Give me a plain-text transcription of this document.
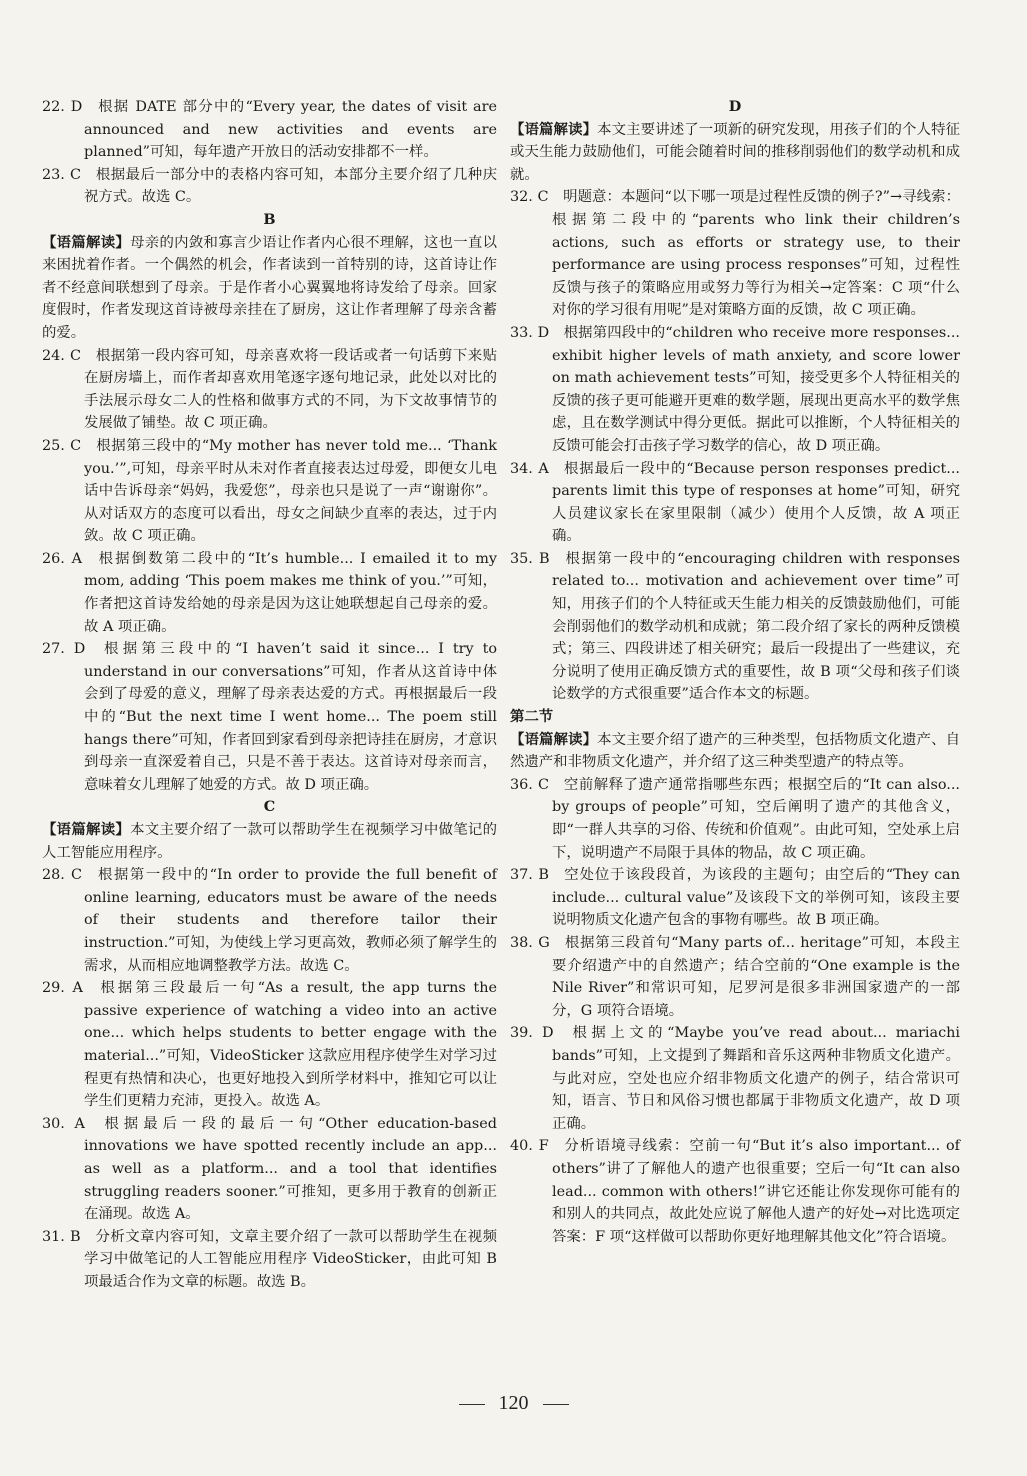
22. D  根据 DATE 部分中的“Every year, the dates of visit are announced and new activities and events are planned”可知，每年遗产开放日的活动安排都不一样。

23. C  根据最后一部分中的表格内容可知，本部分主要介绍了几种庆祝方式。故选 C。

B

【语篇解读】母亲的内敛和寡言少语让作者内心很不理解，这也一直以来困扰着作者。一个偶然的机会，作者读到一首特别的诗，这首诗让作者不经意间联想到了母亲。于是作者小心翼翼地将诗发给了母亲。回家度假时，作者发现这首诗被母亲挂在了厨房，这让作者理解了母亲含蓄的爱。

24. C  根据第一段内容可知，母亲喜欢将一段话或者一句话剪下来贴在厨房墙上，而作者却喜欢用笔逐字逐句地记录，此处以对比的手法展示母女二人的性格和做事方式的不同，为下文故事情节的发展做了铺垫。故 C 项正确。

25. C  根据第三段中的“My mother has never told me... ‘Thank you.’”,可知，母亲平时从未对作者直接表达过母爱，即便女儿电话中告诉母亲“妈妈，我爱您”，母亲也只是说了一声“谢谢你”。从对话双方的态度可以看出，母女之间缺少直率的表达，过于内敛。故 C 项正确。

26. A  根据倒数第二段中的“It’s humble... I emailed it to my mom, adding ‘This poem makes me think of you.’”可知，作者把这首诗发给她的母亲是因为这让她联想起自己母亲的爱。故 A 项正确。

27. D  根据第三段中的“I haven’t said it since... I try to understand in our conversations”可知，作者从这首诗中体会到了母爱的意义，理解了母亲表达爱的方式。再根据最后一段中的“But the next time I went home... The poem still hangs there”可知，作者回到家看到母亲把诗挂在厨房，才意识到母亲一直深爱着自己，只是不善于表达。这首诗对母亲而言，意味着女儿理解了她爱的方式。故 D 项正确。

C

【语篇解读】本文主要介绍了一款可以帮助学生在视频学习中做笔记的人工智能应用程序。

28. C  根据第一段中的“In order to provide the full benefit of online learning, educators must be aware of the needs of their students and therefore tailor their instruction.”可知，为使线上学习更高效，教师必须了解学生的需求，从而相应地调整教学方法。故选 C。

29. A  根据第三段最后一句“As a result, the app turns the passive experience of watching a video into an active one... which helps students to better engage with the material...”可知，VideoSticker 这款应用程序使学生对学习过程更有热情和决心，也更好地投入到所学材料中，推知它可以让学生们更精力充沛，更投入。故选 A。

30. A  根据最后一段的最后一句“Other education-based innovations we have spotted recently include an app... as well as a platform... and a tool that identifies struggling readers sooner.”可推知，更多用于教育的创新正在涌现。故选 A。

31. B  分析文章内容可知，文章主要介绍了一款可以帮助学生在视频学习中做笔记的人工智能应用程序 VideoSticker，由此可知 B 项最适合作为文章的标题。故选 B。

D

【语篇解读】本文主要讲述了一项新的研究发现，用孩子们的个人特征或天生能力鼓励他们，可能会随着时间的推移削弱他们的数学动机和成就。

32. C  明题意：本题问“以下哪一项是过程性反馈的例子?”→寻线索：根据第二段中的“parents who link their children’s actions, such as efforts or strategy use, to their performance are using process responses”可知，过程性反馈与孩子的策略应用或努力等行为相关→定答案：C 项“什么对你的学习很有用呢”是对策略方面的反馈，故 C 项正确。

33. D  根据第四段中的“children who receive more responses... exhibit higher levels of math anxiety, and score lower on math achievement tests”可知，接受更多个人特征相关的反馈的孩子更可能避开更难的数学题，展现出更高水平的数学焦虑，且在数学测试中得分更低。据此可以推断，个人特征相关的反馈可能会打击孩子学习数学的信心，故 D 项正确。

34. A  根据最后一段中的“Because person responses predict... parents limit this type of responses at home”可知，研究人员建议家长在家里限制（减少）使用个人反馈，故 A 项正确。

35. B  根据第一段中的“encouraging children with responses related to... motivation and achievement over time”可知，用孩子们的个人特征或天生能力相关的反馈鼓励他们，可能会削弱他们的数学动机和成就；第二段介绍了家长的两种反馈模式；第三、四段讲述了相关研究；最后一段提出了一些建议，充分说明了使用正确反馈方式的重要性，故 B 项“父母和孩子们谈论数学的方式很重要”适合作本文的标题。

第二节

【语篇解读】本文主要介绍了遗产的三种类型，包括物质文化遗产、自然遗产和非物质文化遗产，并介绍了这三种类型遗产的特点等。

36. C  空前解释了遗产通常指哪些东西；根据空后的“It can also... by groups of people”可知，空后阐明了遗产的其他含义，即“一群人共享的习俗、传统和价值观”。由此可知，空处承上启下，说明遗产不局限于具体的物品，故 C 项正确。

37. B  空处位于该段段首，为该段的主题句；由空后的“They can include... cultural value”及该段下文的举例可知，该段主要说明物质文化遗产包含的事物有哪些。故 B 项正确。

38. G  根据第三段首句“Many parts of... heritage”可知，本段主要介绍遗产中的自然遗产；结合空前的“One example is the Nile River”和常识可知，尼罗河是很多非洲国家遗产的一部分，G 项符合语境。

39. D  根据上文的“Maybe you’ve read about... mariachi bands”可知，上文提到了舞蹈和音乐这两种非物质文化遗产。与此对应，空处也应介绍非物质文化遗产的例子，结合常识可知，语言、节日和风俗习惯也都属于非物质文化遗产，故 D 项正确。

40. F  分析语境寻线索：空前一句“But it’s also important... of others”讲了了解他人的遗产也很重要；空后一句“It can also lead... common with others!”讲它还能让你发现你可能有的和别人的共同点，故此处应说了解他人遗产的好处→对比选项定答案：F 项“这样做可以帮助你更好地理解其他文化”符合语境。

120
